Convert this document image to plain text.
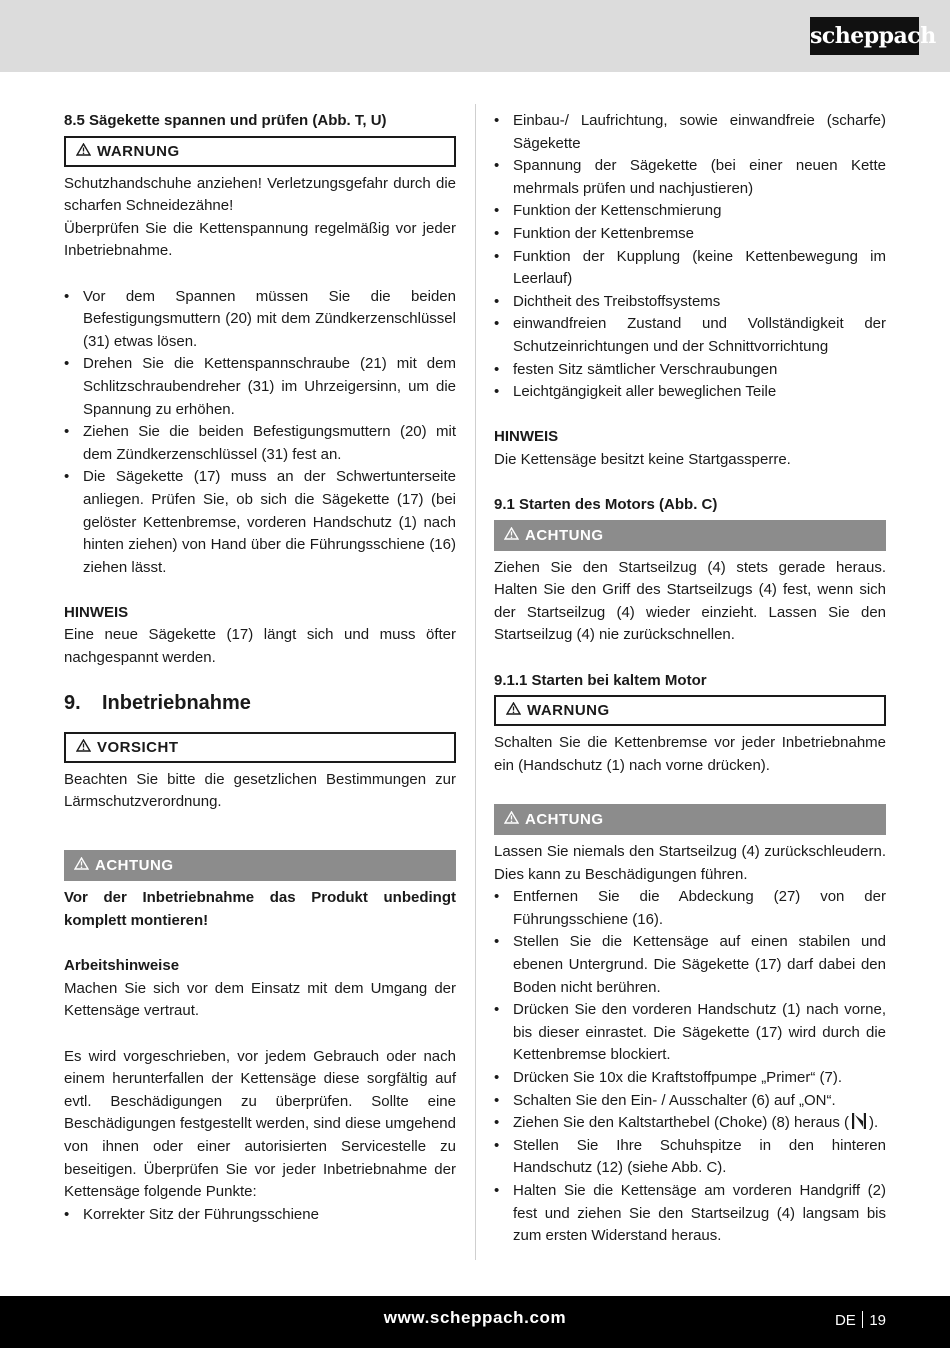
scheppach
8.5 Sägekette spannen und prüfen (Abb. T, U)
WARNUNG

Schutzhandschuhe anziehen! Verletzungsgefahr durch die scharfen Schneidezähne!

Überprüfen Sie die Kettenspannung regelmäßig vor jeder Inbetriebnahme.

• Vor dem Spannen müssen Sie die beiden Befestigungsmuttern (20) mit dem Zündkerzenschlüssel (31) etwas lösen.
• Drehen Sie die Kettenspannschraube (21) mit dem Schlitzschraubendreher (31) im Uhrzeigersinn, um die Spannung zu erhöhen.
• Ziehen Sie die beiden Befestigungsmuttern (20) mit dem Zündkerzenschlüssel (31) fest an.
• Die Sägekette (17) muss an der Schwertunterseite anliegen. Prüfen Sie, ob sich die Sägekette (17) (bei gelöster Kettenbremse, vorderen Handschutz (1) nach hinten ziehen) von Hand über die Führungsschiene (16) ziehen lässt.
HINWEIS

Eine neue Sägekette (17) längt sich und muss öfter nachgespannt werden.

9. Inbetriebnahme
VORSICHT

Beachten Sie bitte die gesetzlichen Bestimmungen zur Lärmschutzverordnung.

ACHTUNG

Vor der Inbetriebnahme das Produkt unbedingt komplett montieren!

Arbeitshinweise

Machen Sie sich vor dem Einsatz mit dem Umgang der Kettensäge vertraut.

Es wird vorgeschrieben, vor jedem Gebrauch oder nach einem herunterfallen der Kettensäge diese sorgfältig auf evtl. Beschädigungen zu überprüfen. Sollte eine Beschädigungen festgestellt werden, sind diese umgehend von ihnen oder einer autorisierten Servicestelle zu beseitigen. Überprüfen Sie vor jeder Inbetriebnahme der Kettensäge folgende Punkte:

• Korrekter Sitz der Führungsschiene
• Einbau-/ Laufrichtung, sowie einwandfreie (scharfe) Sägekette
• Spannung der Sägekette (bei einer neuen Kette mehrmals prüfen und nachjustieren)
• Funktion der Kettenschmierung
• Funktion der Kettenbremse
• Funktion der Kupplung (keine Kettenbewegung im Leerlauf)
• Dichtheit des Treibstoffsystems
• einwandfreien Zustand und Vollständigkeit der Schutzeinrichtungen und der Schnittvorrichtung
• festen Sitz sämtlicher Verschraubungen
• Leichtgängigkeit aller beweglichen Teile
HINWEIS

Die Kettensäge besitzt keine Startgassperre.

9.1 Starten des Motors (Abb. C)
ACHTUNG

Ziehen Sie den Startseilzug (4) stets gerade heraus. Halten Sie den Griff des Startseilzugs (4) fest, wenn sich der Startseilzug (4) wieder einzieht. Lassen Sie den Startseilzug (4) nie zurückschnellen.

9.1.1 Starten bei kaltem Motor
WARNUNG

Schalten Sie die Kettenbremse vor jeder Inbetriebnahme ein (Handschutz (1) nach vorne drücken).

ACHTUNG

Lassen Sie niemals den Startseilzug (4) zurückschleudern. Dies kann zu Beschädigungen führen.

• Entfernen Sie die Abdeckung (27) von der Führungsschiene (16).
• Stellen Sie die Kettensäge auf einen stabilen und ebenen Untergrund. Die Sägekette (17) darf dabei den Boden nicht berühren.
• Drücken Sie den vorderen Handschutz (1) nach vorne, bis dieser einrastet. Die Sägekette (17) wird durch die Kettenbremse blockiert.
• Drücken Sie 10x die Kraftstoffpumpe „Primer“ (7).
• Schalten Sie den Ein- / Ausschalter (6) auf „ON“.
• Ziehen Sie den Kaltstarthebel (Choke) (8) heraus ( ).
• Stellen Sie Ihre Schuhspitze in den hinteren Handschutz (12) (siehe Abb. C).
• Halten Sie die Kettensäge am vorderen Handgriff (2) fest und ziehen Sie den Startseilzug (4) langsam bis zum ersten Widerstand heraus.
www.scheppach.com	DE 19
